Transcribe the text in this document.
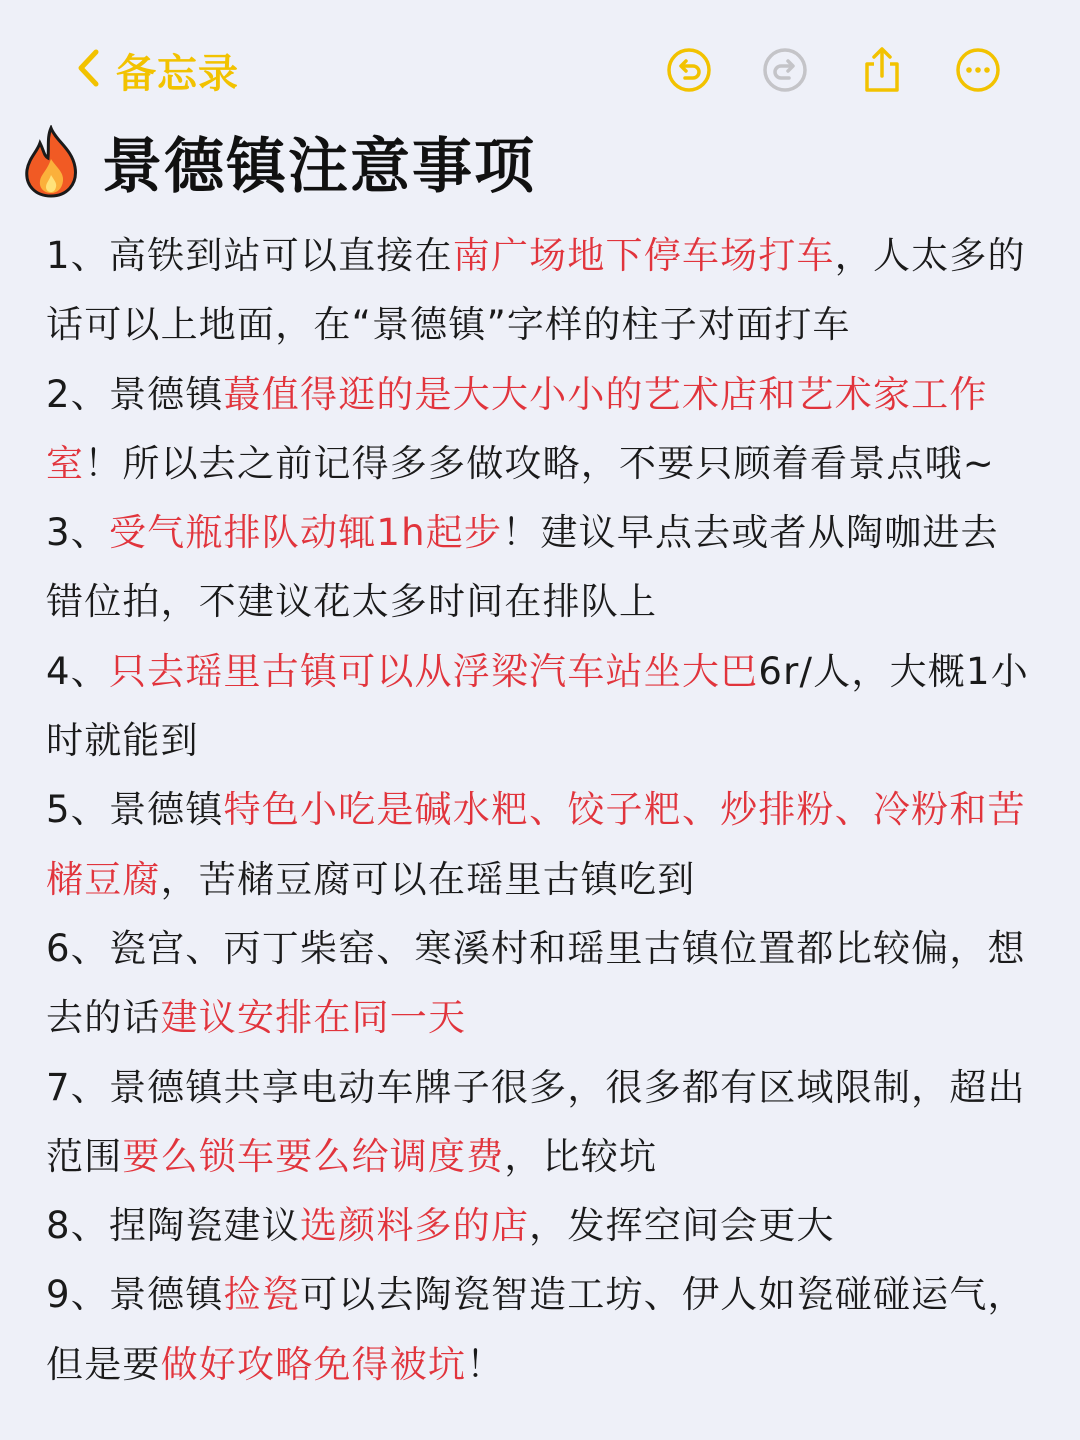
备忘录
景德镇注意事项
1、高铁到站可以直接在南广场地下停车场打车，人太多的话可以上地面，在“景德镇”字样的柱子对面打车
2、景德镇蕞值得逛的是大大小小的艺术店和艺术家工作室！所以去之前记得多多做攻略，不要只顾着看景点哦~
3、受气瓶排队动辄1h起步！建议早点去或者从陶咖进去错位拍，不建议花太多时间在排队上
4、只去瑶里古镇可以从浮梁汽车站坐大巴6r/人，大概1小时就能到
5、景德镇特色小吃是碱水粑、饺子粑、炒排粉、冷粉和苦槠豆腐，苦槠豆腐可以在瑶里古镇吃到
6、瓷宫、丙丁柴窑、寒溪村和瑶里古镇位置都比较偏，想去的话建议安排在同一天
7、景德镇共享电动车牌子很多，很多都有区域限制，超出范围要么锁车要么给调度费，比较坑
8、捏陶瓷建议选颜料多的店，发挥空间会更大
9、景德镇捡瓷可以去陶瓷智造工坊、伊人如瓷碰碰运气，但是要做好攻略免得被坑！
